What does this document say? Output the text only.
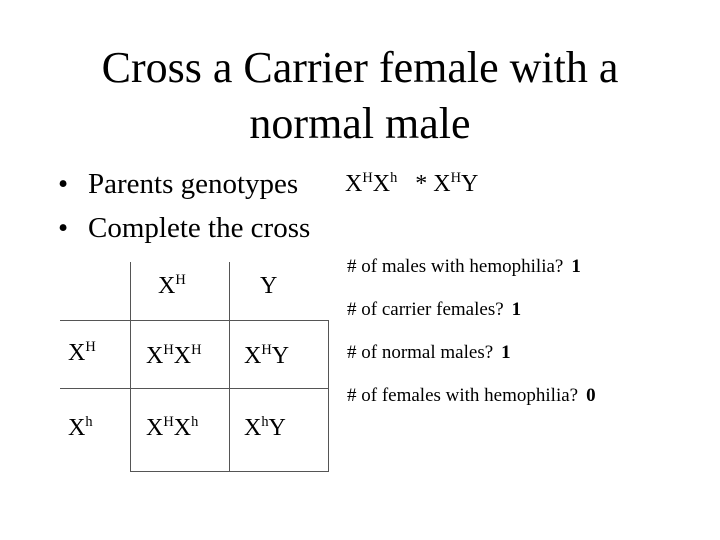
Cross a Carrier female with a
normal male
• Parents genotypes
• Complete the cross
$X^HX^h * X^HY$
$X^H$	Y
$X^H$
$X^h$
$X^HX^H$ $X^HY$
$X^HX^h$ $X^hY$
# of males with hemophilia? 1
# of carrier females? 1
# of normal males? 1
# of females with hemophilia? 0
